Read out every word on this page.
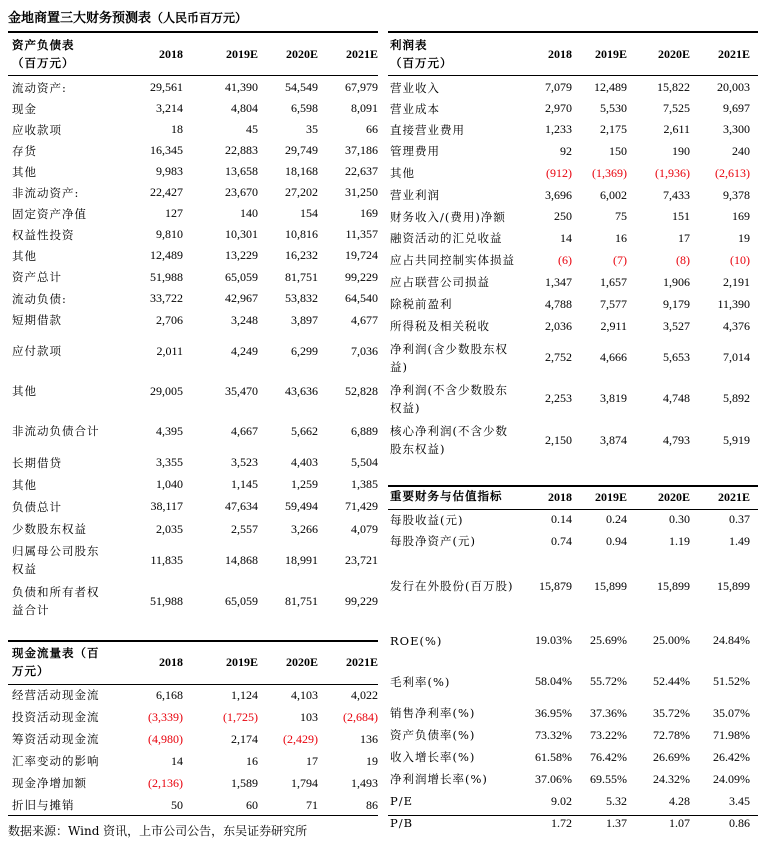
金地商置三大财务预测表（人民币百万元）
资产负债表
（百万元）
2018	2019E	2020E	2021E
流动资产:	29,561	41,390	54,549	67,979
现金	3,214	4,804	6,598	8,091
应收款项	18	45	35	66
存货	16,345	22,883	29,749	37,186
其他	9,983	13,658	18,168	22,637
非流动资产:	22,427	23,670	27,202	31,250
固定资产净值	127	140	154	169
权益性投资	9,810	10,301	10,816	11,357
其他	12,489	13,229	16,232	19,724
资产总计	51,988	65,059	81,751	99,229
流动负债:	33,722	42,967	53,832	64,540
短期借款	2,706	3,248	3,897	4,677
应付款项	2,011	4,249	6,299	7,036
其他	29,005	35,470	43,636	52,828
非流动负债合计	4,395	4,667	5,662	6,889
长期借贷	3,355	3,523	4,403	5,504
其他	1,040	1,145	1,259	1,385
负债总计	38,117	47,634	59,494	71,429
少数股东权益	2,035	2,557	3,266	4,079
归属母公司股东
权益
11,835	14,868	18,991	23,721
负债和所有者权
益合计
51,988	65,059	81,751	99,229
现金流量表（百
万元）
2018	2019E	2020E	2021E
经营活动现金流	6,168	1,124	4,103	4,022
投资活动现金流	(3,339)	(1,725)	103	(2,684)
筹资活动现金流	(4,980)	2,174	(2,429)	136
汇率变动的影响	14	16	17	19
现金净增加额	(2,136)	1,589	1,794	1,493
折旧与摊销	50	60	71	86
利润表
（百万元）
2018	2019E	2020E	2021E
营业收入	7,079	12,489	15,822	20,003
营业成本	2,970	5,530	7,525	9,697
直接营业费用	1,233	2,175	2,611	3,300
管理费用	92	150	190	240
其他	(912)	(1,369)	(1,936)	(2,613)
营业利润	3,696	6,002	7,433	9,378
财务收入/(费用)净额	250	75	151	169
融资活动的汇兑收益	14	16	17	19
应占共同控制实体损益	(6)	(7)	(8)	(10)
应占联营公司损益	1,347	1,657	1,906	2,191
除税前盈利	4,788	7,577	9,179	11,390
所得税及相关税收	2,036	2,911	3,527	4,376
净利润(含少数股东权
益)
2,752	4,666	5,653	7,014
净利润(不含少数股东
权益)
2,253	3,819	4,748	5,892
核心净利润(不含少数
股东权益)
2,150	3,874	4,793	5,919
重要财务与估值指标	2018	2019E	2020E	2021E
每股收益(元)	0.14	0.24	0.30	0.37
每股净资产(元)	0.74	0.94	1.19	1.49
发行在外股份(百万股)	15,879	15,899	15,899	15,899
ROE(%)	19.03%	25.69%	25.00%	24.84%
毛利率(%)	58.04%	55.72%	52.44%	51.52%
销售净利率(%)	36.95%	37.36%	35.72%	35.07%
资产负债率(%)	73.32%	73.22%	72.78%	71.98%
收入增长率(%)	61.58%	76.42%	26.69%	26.42%
净利润增长率(%)	37.06%	69.55%	24.32%	24.09%
P/E	9.02	5.32	4.28	3.45
P/B	1.72	1.37	1.07	0.86
数据来源：Wind 资讯，上市公司公告，东吴证券研究所
